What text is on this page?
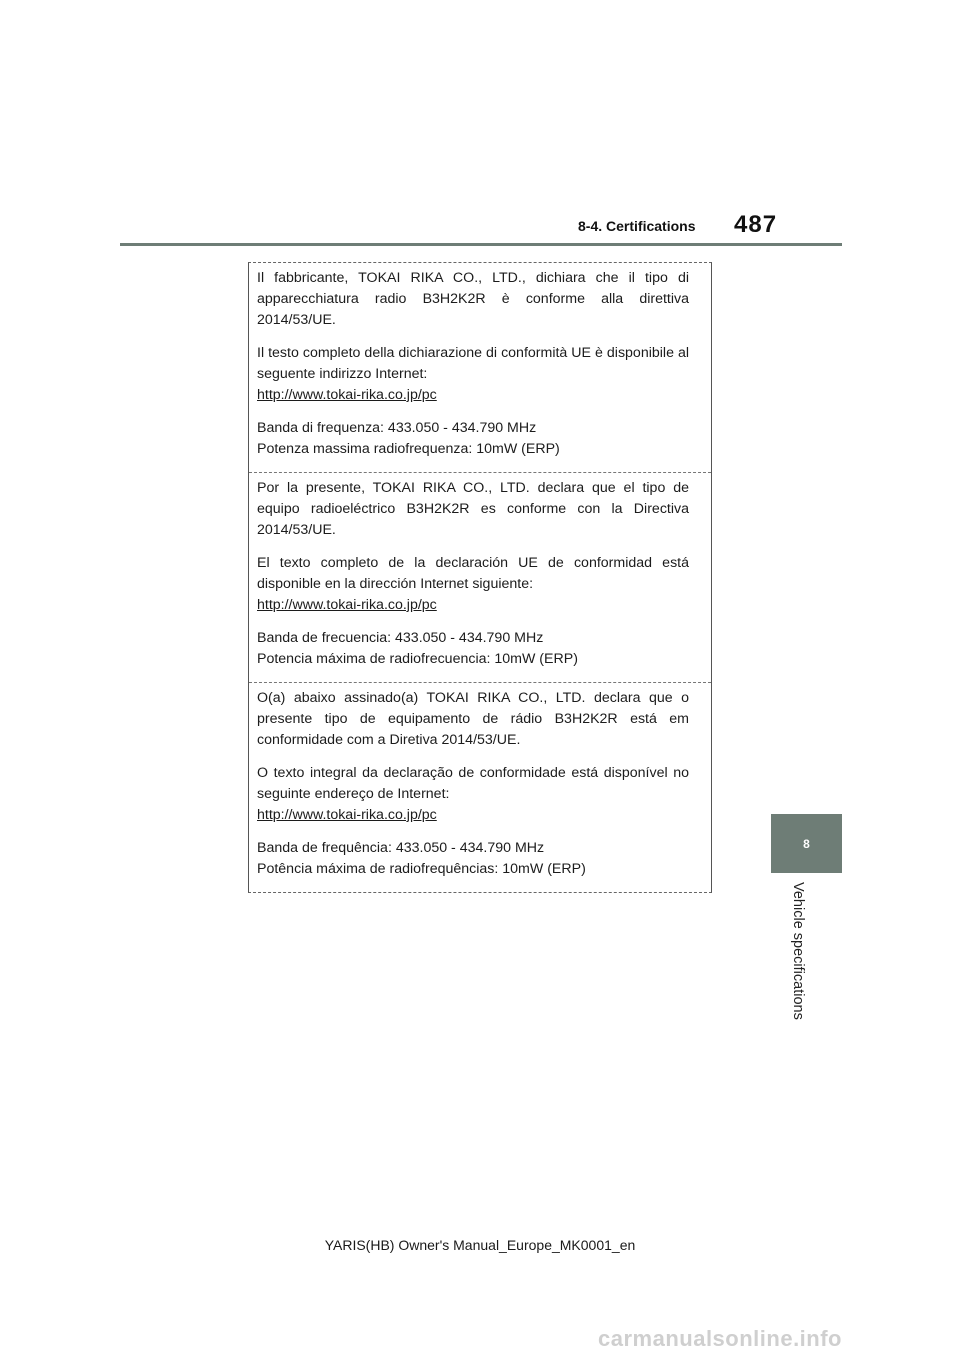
8-4. Certifications 487

Il fabbricante, TOKAI RIKA CO., LTD., dichiara che il tipo di apparecchiatura radio B3H2K2R è conforme alla direttiva 2014/53/UE.

Il testo completo della dichiarazione di conformità UE è disponibile al seguente indirizzo Internet:

http://www.tokai-rika.co.jp/pc

Banda di frequenza: 433.050 - 434.790 MHz

Potenza massima radiofrequenza: 10mW (ERP)

Por la presente, TOKAI RIKA CO., LTD. declara que el tipo de equipo radioeléctrico B3H2K2R es conforme con la Directiva 2014/53/UE.

El texto completo de la declaración UE de conformidad está disponible en la dirección Internet siguiente:

http://www.tokai-rika.co.jp/pc

Banda de frecuencia: 433.050 - 434.790 MHz

Potencia máxima de radiofrecuencia: 10mW (ERP)

O(a) abaixo assinado(a) TOKAI RIKA CO., LTD. declara que o presente tipo de equipamento de rádio B3H2K2R está em conformidade com a Diretiva 2014/53/UE.

O texto integral da declaração de conformidade está disponível no seguinte endereço de Internet:

http://www.tokai-rika.co.jp/pc

Banda de frequência: 433.050 - 434.790 MHz

Potência máxima de radiofrequências: 10mW (ERP)

8
Vehicle specifications
YARIS(HB) Owner's Manual_Europe_MK0001_en
carmanualsonline.info
